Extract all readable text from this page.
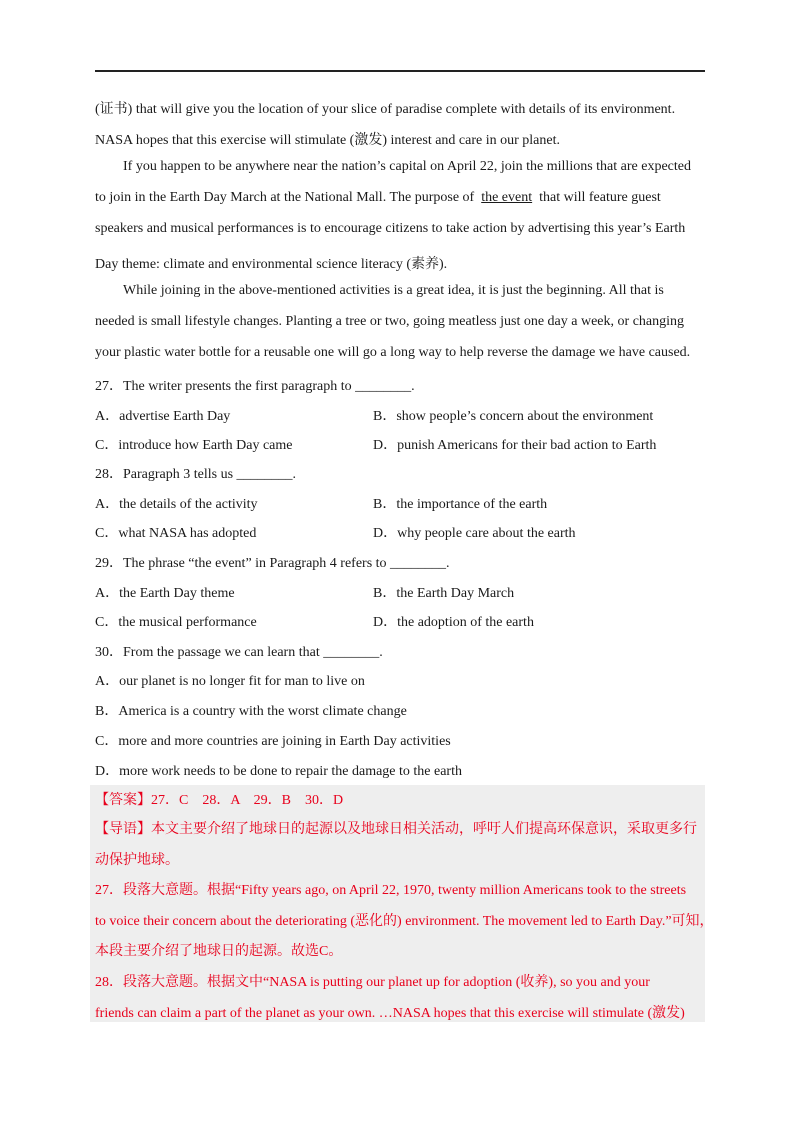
(证书) that will give you the location of your slice of paradise complete with details of its environment.
NASA hopes that this exercise will stimulate (激发) interest and care in our planet.
If you happen to be anywhere near the nation’s capital on April 22, join the millions that are expected
to join in the Earth Day March at the National Mall. The purpose of the event that will feature guest
speakers and musical performances is to encourage citizens to take action by advertising this year’s Earth
Day theme: climate and environmental science literacy (素养).
While joining in the above-mentioned activities is a great idea, it is just the beginning. All that is
needed is small lifestyle changes. Planting a tree or two, going meatless just one day a week, or changing
your plastic water bottle for a reusable one will go a long way to help reverse the damage we have caused.
27．The writer presents the first paragraph to ________.
A．advertise Earth Day	B．show people’s concern about the environment
C．introduce how Earth Day came	D．punish Americans for their bad action to Earth
28．Paragraph 3 tells us ________.
A．the details of the activity	B．the importance of the earth
C．what NASA has adopted	D．why people care about the earth
29．The phrase “the event” in Paragraph 4 refers to ________.
A．the Earth Day theme	B．the Earth Day March
C．the musical performance	D．the adoption of the earth
30．From the passage we can learn that ________.
A．our planet is no longer fit for man to live on
B．America is a country with the worst climate change
C．more and more countries are joining in Earth Day activities
D．more work needs to be done to repair the damage to the earth
【答案】27．C　28．A　29．B　30．D
【导语】本文主要介绍了地球日的起源以及地球日相关活动，呼吁人们提高环保意识，采取更多行
动保护地球。
27．段落大意题。根据“Fifty years ago, on April 22, 1970, twenty million Americans took to the streets
to voice their concern about the deteriorating (恶化的) environment. The movement led to Earth Day.”可知，
本段主要介绍了地球日的起源。故选C。
28．段落大意题。根据文中“NASA is putting our planet up for adoption (收养), so you and your
friends can claim a part of the planet as your own. …NASA hopes that this exercise will stimulate (激发)
